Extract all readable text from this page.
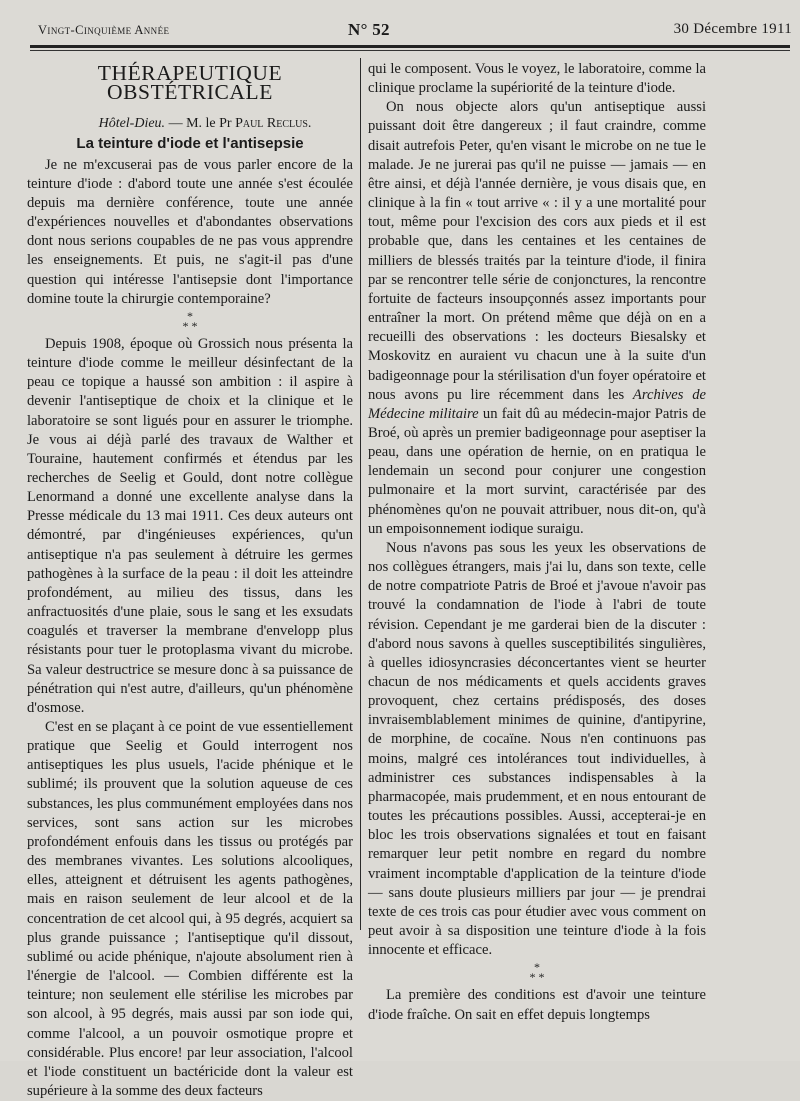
Vingt-Cinquième Année	N° 52	30 Décembre 1911
THÉRAPEUTIQUE OBSTÉTRICALE
Hôtel-Dieu. — M. le Pr Paul Reclus.
La teinture d'iode et l'antisepsie

Je ne m'excuserai pas de vous parler encore de la teinture d'iode : d'abord toute une année s'est écoulée depuis ma dernière conférence, toute une année d'expériences nouvelles et d'abondantes observations dont nous serions coupables de ne pas vous apprendre les enseignements. Et puis, ne s'agit-il pas d'une question qui intéresse l'antisepsie dont l'importance domine toute la chirurgie contemporaine?

*
* *

Depuis 1908, époque où Grossich nous présenta la teinture d'iode comme le meilleur désinfectant de la peau ce topique a haussé son ambition : il aspire à devenir l'antiseptique de choix et la clinique et le laboratoire se sont ligués pour en assurer le triomphe. Je vous ai déjà parlé des travaux de Walther et Touraine, hautement confirmés et étendus par les recherches de Seelig et Gould, dont notre collègue Lenormand a donné une excellente analyse dans la Presse médicale du 13 mai 1911. Ces deux auteurs ont démontré, par d'ingénieuses expériences, qu'un antiseptique n'a pas seulement à détruire les germes pathogènes à la surface de la peau : il doit les atteindre profondément, au milieu des tissus, dans les anfractuosités d'une plaie, sous le sang et les exsudats coagulés et traverser la membrane d'envelopp plus résistants pour tuer le protoplasma vivant du microbe. Sa valeur destructrice se mesure donc à sa puissance de pénétration qui n'est autre, d'ailleurs, qu'un phénomène d'osmose.

C'est en se plaçant à ce point de vue essentiellement pratique que Seelig et Gould interrogent nos antiseptiques les plus usuels, l'acide phénique et le sublimé; ils prouvent que la solution aqueuse de ces substances, les plus communément employées dans nos services, sont sans action sur les microbes profondément enfouis dans les tissus ou protégés par des membranes vivantes. Les solutions alcooliques, elles, atteignent et détruisent les agents pathogènes, mais en raison seulement de leur alcool et de la concentration de cet alcool qui, à 95 degrés, acquiert sa plus grande puissance ; l'antiseptique qu'il dissout, sublimé ou acide phénique, n'ajoute absolument rien à l'énergie de l'alcool. — Combien différente est la teinture; non seulement elle stérilise les microbes par son alcool, à 95 degrés, mais aussi par son iode qui, comme l'alcool, a un pouvoir osmotique propre et considérable. Plus encore! par leur association, l'alcool et l'iode constituent un bactéricide dont la valeur est supérieure à la somme des deux facteurs

qui le composent. Vous le voyez, le laboratoire, comme la clinique proclame la supériorité de la teinture d'iode.

On nous objecte alors qu'un antiseptique aussi puissant doit être dangereux ; il faut craindre, comme disait autrefois Peter, qu'en visant le microbe on ne tue le malade. Je ne jurerai pas qu'il ne puisse — jamais — en être ainsi, et déjà l'année dernière, je vous disais que, en clinique à la fin « tout arrive « : il y a une mortalité pour tout, même pour l'excision des cors aux pieds et il est probable que, dans les centaines et les centaines de milliers de blessés traités par la teinture d'iode, il finira par se rencontrer telle série de conjonctures, la rencontre fortuite de facteurs insoupçonnés assez importants pour entraîner la mort. On prétend même que déjà on en a recueilli des observations : les docteurs Biesalsky et Moskovitz en auraient vu chacun une à la suite d'un badigeonnage pour la stérilisation d'un foyer opératoire et nous avons pu lire récemment dans les Archives de Médecine militaire un fait dû au médecin-major Patris de Broé, où après un premier badigeonnage pour aseptiser la peau, dans une opération de hernie, on en pratiqua le lendemain un second pour conjurer une congestion pulmonaire et la mort survint, caractérisée par des phénomènes qu'on ne pouvait attribuer, nous dit-on, qu'à un empoisonnement iodique suraigu.

Nous n'avons pas sous les yeux les observations de nos collègues étrangers, mais j'ai lu, dans son texte, celle de notre compatriote Patris de Broé et j'avoue n'avoir pas trouvé la condamnation de l'iode à l'abri de toute révision. Cependant je me garderai bien de la discuter : d'abord nous savons à quelles susceptibilités singulières, à quelles idiosyncrasies déconcertantes vient se heurter chacun de nos médicaments et quels accidents graves provoquent, chez certains prédisposés, des doses invraisemblablement minimes de quinine, d'antipyrine, de morphine, de cocaïne. Nous n'en continuons pas moins, malgré ces intolérances tout individuelles, à administrer ces substances indispensables à la pharmacopée, mais prudemment, et en nous entourant de toutes les précautions possibles. Aussi, accepterai-je en bloc les trois observations signalées et tout en faisant remarquer leur petit nombre en regard du nombre vraiment incomptable d'application de la teinture d'iode — sans doute plusieurs milliers par jour — je prendrai texte de ces trois cas pour étudier avec vous comment on peut avoir à sa disposition une teinture d'iode à la fois innocente et efficace.

*
* *

La première des conditions est d'avoir une teinture d'iode fraîche. On sait en effet depuis longtemps
